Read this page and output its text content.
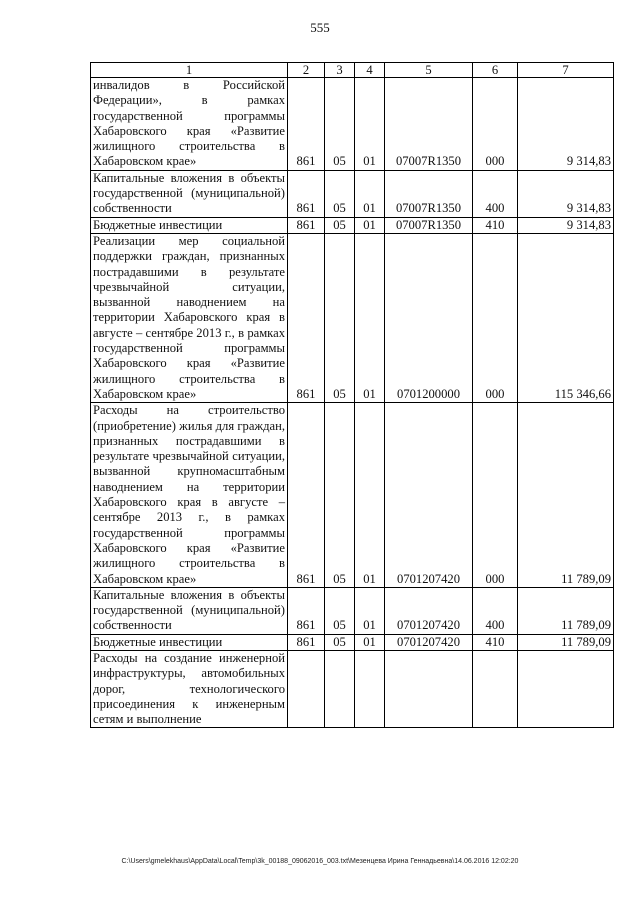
555
1	2	3	4	5	6	7
инвалидов в Российской Федерации», в рамках государственной программы Хабаровского края «Развитие жилищного строительства в Хабаровском крае»	861	05	01	07007R1350	000	9 314,83
Капитальные вложения в объекты государственной (муниципальной) собственности	861	05	01	07007R1350	400	9 314,83
Бюджетные инвестиции	861	05	01	07007R1350	410	9 314,83
Реализации мер социальной поддержки граждан, признанных пострадавшими в результате чрезвычайной ситуации, вызванной наводнением на территории Хабаровского края в августе – сентябре 2013 г., в рамках государственной программы Хабаровского края «Развитие жилищного строительства в Хабаровском крае»	861	05	01	0701200000	000	115 346,66
Расходы на строительство (приобретение) жилья для граждан, признанных пострадавшими в результате чрезвычайной ситуации, вызванной крупномасштабным наводнением на территории Хабаровского края в августе – сентябре 2013 г., в рамках государственной программы Хабаровского края «Развитие жилищного строительства в Хабаровском крае»	861	05	01	0701207420	000	11 789,09
Капитальные вложения в объекты государственной (муниципальной) собственности	861	05	01	0701207420	400	11 789,09
Бюджетные инвестиции	861	05	01	0701207420	410	11 789,09
Расходы на создание инженерной инфраструктуры, автомобильных дорог, технологического присоединения к инженерным сетям и выполнение						
C:\Users\gmelekhaus\AppData\Local\Temp\3k_00188_09062016_003.txt\Мезенцева Ирина Геннадьевна\14.06.2016 12:02:20
